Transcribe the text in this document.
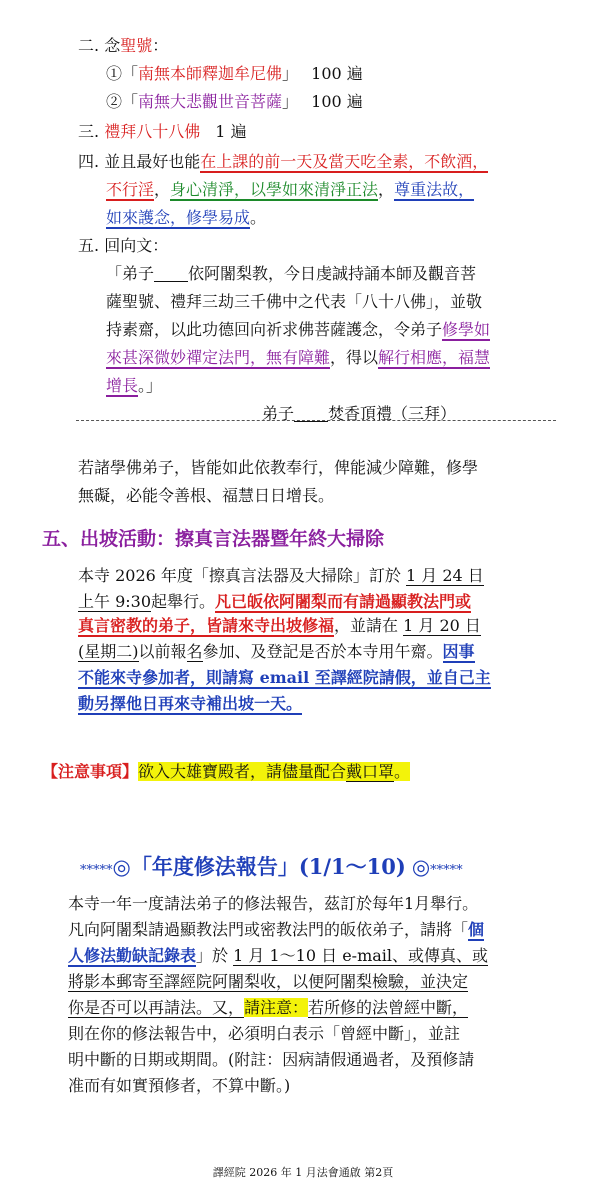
二. 念聖號：
①「南無本師釋迦牟尼佛」 100 遍
②「南無大悲觀世音菩薩」 100 遍
三. 禮拜八十八佛 1 遍
四. 並且最好也能在上課的前一天及當天吃全素，不飲酒，
不行淫，身心清淨，以學如來清淨正法，尊重法故，
如來護念，修學易成。
五. 回向文：
「弟子 依阿闍梨教，今日虔誠持誦本師及觀音菩
薩聖號、禮拜三劫三千佛中之代表「八十八佛」，並敬
持素齋，以此功德回向祈求佛菩薩護念，令弟子修學如
來甚深微妙禪定法門，無有障難，得以解行相應，福慧
增長。」
弟子 焚香頂禮（三拜）
若諸學佛弟子，皆能如此依教奉行，俾能減少障難，修學
無礙，必能令善根、福慧日日增長。
五、出坡活動：擦真言法器暨年終大掃除
本寺 2026 年度「擦真言法器及大掃除」訂於 1 月 24 日
上午 9:30起舉行。凡已皈依阿闍梨而有請過顯教法門或
真言密教的弟子，皆請來寺出坡修福，並請在 1 月 20 日
(星期二)以前報名參加、及登記是否於本寺用午齋。因事
不能來寺參加者，則請寫 email 至譯經院請假，並自己主
動另擇他日再來寺補出坡一天。
【注意事項】欲入大雄寶殿者，請儘量配合戴口罩。
*****◎「年度修法報告」(1/1～10) ◎*****
本寺一年一度請法弟子的修法報告，茲訂於每年1月舉行。
凡向阿闍梨請過顯教法門或密教法門的皈依弟子，請將「個
人修法勤缺記錄表」於 1 月 1～10 日 e-mail、或傳真、或
將影本郵寄至譯經院阿闍梨收，以便阿闍梨檢驗，並決定
你是否可以再請法。又，請注意：若所修的法曾經中斷，
則在你的修法報告中，必須明白表示「曾經中斷」，並註
明中斷的日期或期間。(附註：因病請假通過者，及預修請
准而有如實預修者，不算中斷。)
譯經院 2026 年 1 月法會通啟 第2頁
